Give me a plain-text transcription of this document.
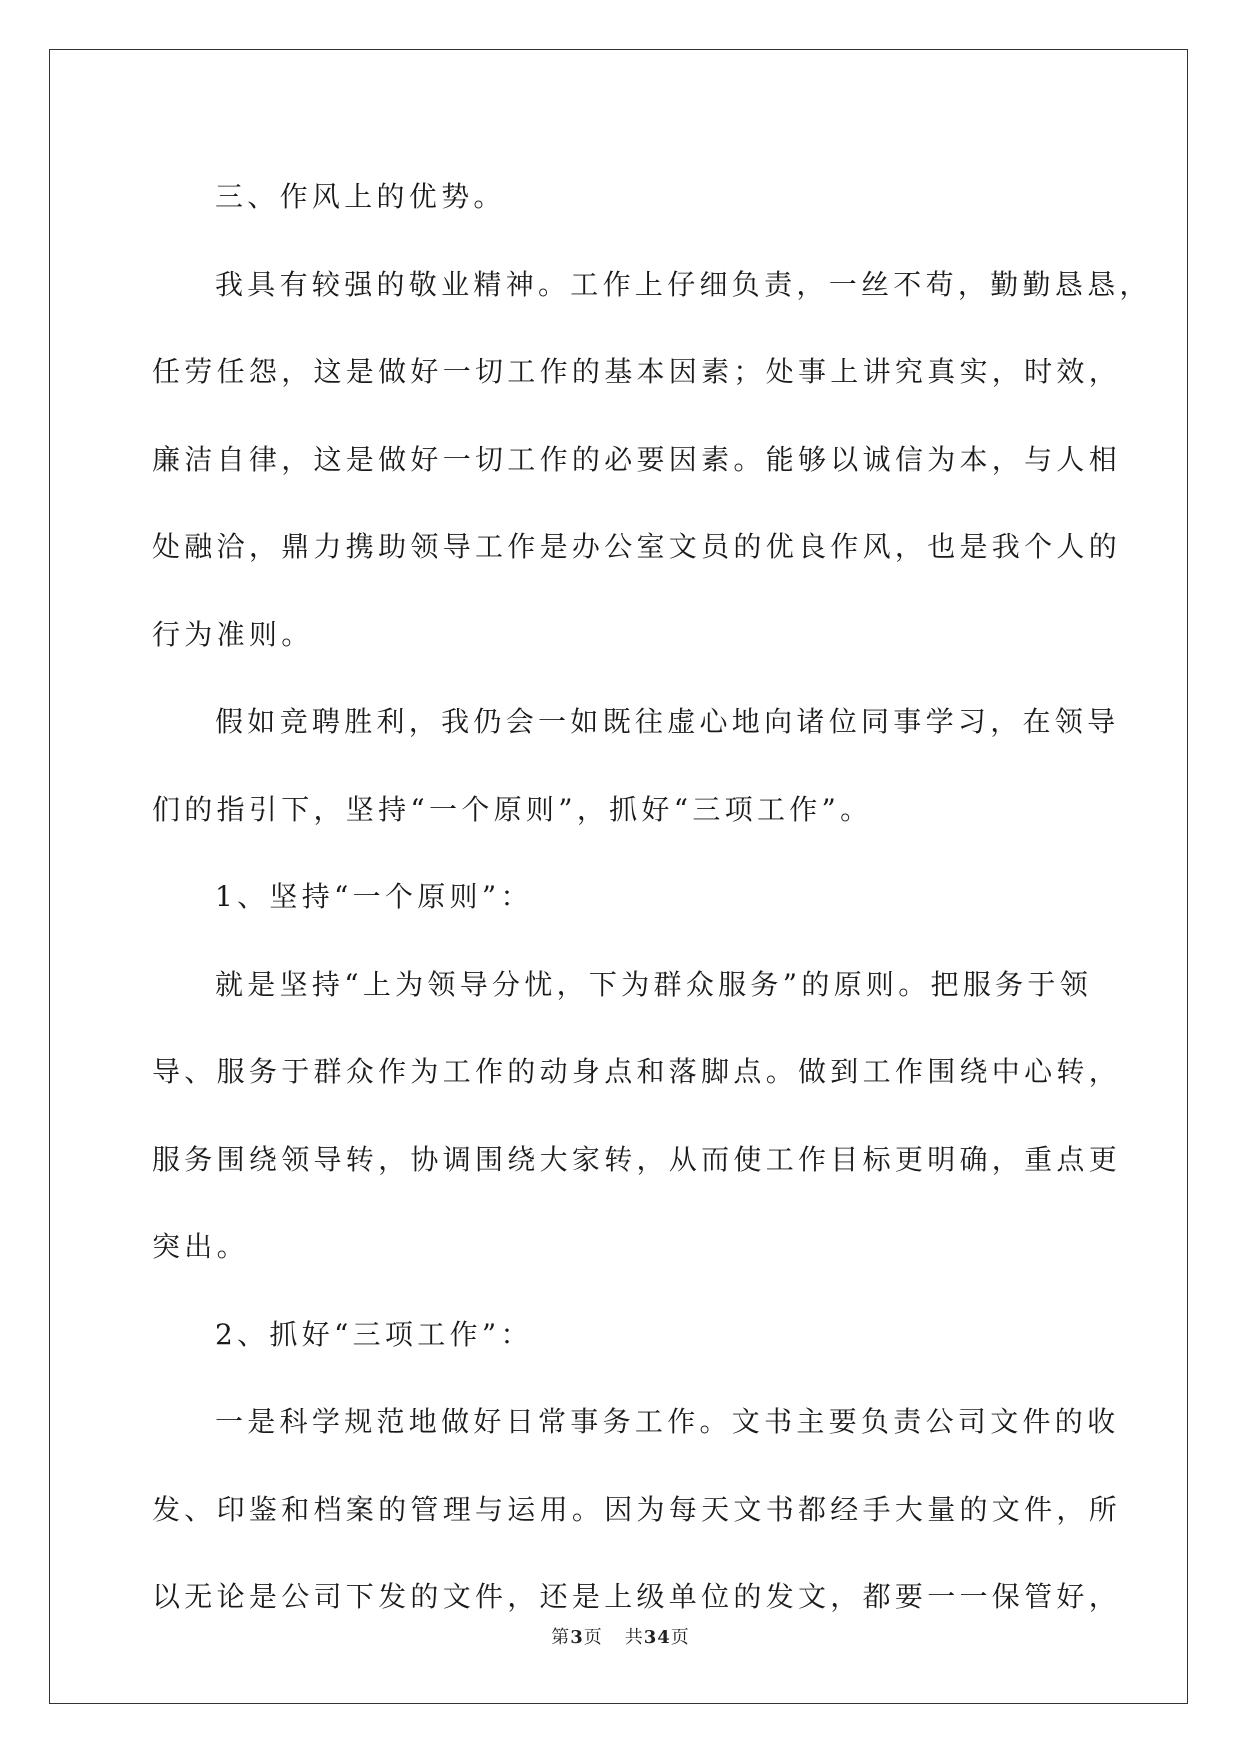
三、作风上的优势。

我具有较强的敬业精神。工作上仔细负责，一丝不苟，勤勤恳恳，
任劳任怨，这是做好一切工作的基本因素；处事上讲究真实，时效，
廉洁自律，这是做好一切工作的必要因素。能够以诚信为本，与人相
处融洽，鼎力携助领导工作是办公室文员的优良作风，也是我个人的
行为准则。

假如竞聘胜利，我仍会一如既往虚心地向诸位同事学习，在领导
们的指引下，坚持“一个原则”，抓好“三项工作”。

1、坚持“一个原则”：

就是坚持“上为领导分忧，下为群众服务”的原则。把服务于领
导、服务于群众作为工作的动身点和落脚点。做到工作围绕中心转，
服务围绕领导转，协调围绕大家转，从而使工作目标更明确，重点更
突出。

2、抓好“三项工作”：

一是科学规范地做好日常事务工作。文书主要负责公司文件的收
发、印鉴和档案的管理与运用。因为每天文书都经手大量的文件，所
以无论是公司下发的文件，还是上级单位的发文，都要一一保管好，

第3页 共34页
